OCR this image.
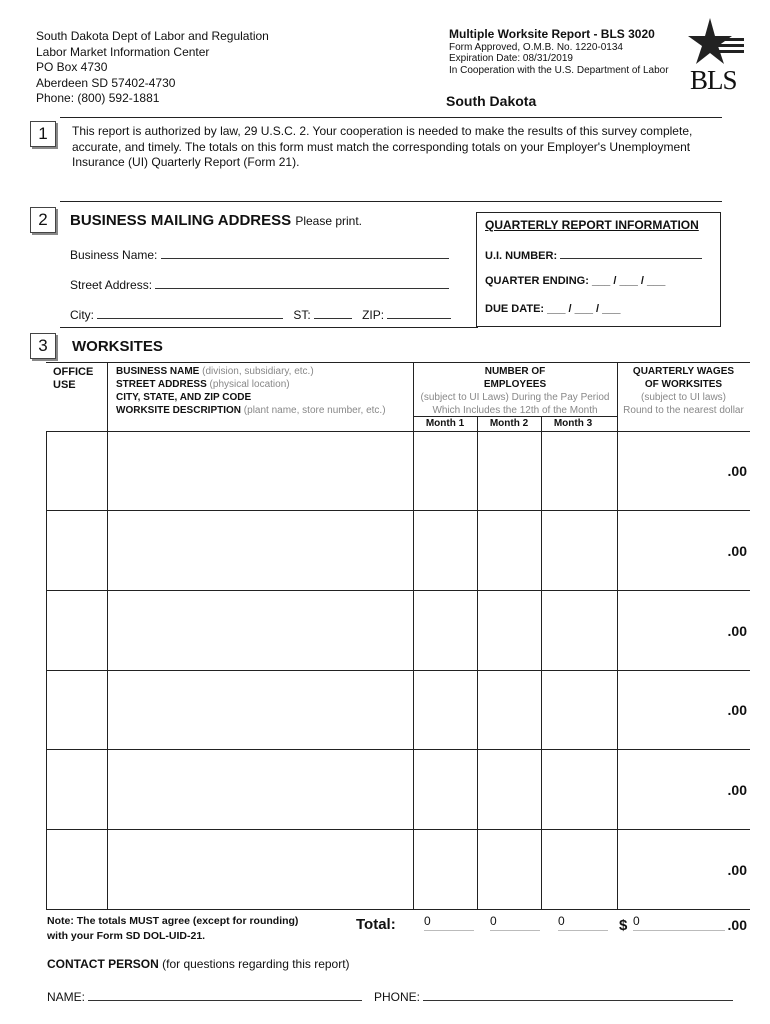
South Dakota Dept of Labor and Regulation
Labor Market Information Center
PO Box 4730
Aberdeen SD 57402-4730
Phone: (800) 592-1881
Multiple Worksite Report - BLS 3020
Form Approved, O.M.B. No. 1220-0134
Expiration Date: 08/31/2019
In Cooperation with the U.S. Department of Labor
South Dakota
BLS
1	This report is authorized by law, 29 U.S.C. 2. Your cooperation is needed to make the results of this survey complete, accurate, and timely. The totals on this form must match the corresponding totals on your Employer's Unemployment Insurance (UI) Quarterly Report (Form 21).
2	BUSINESS MAILING ADDRESS Please print.
Business Name:
Street Address:
City:	ST:	ZIP:
QUARTERLY REPORT INFORMATION
U.I. NUMBER:
QUARTER ENDING: ___ / ___ / ___
DUE DATE: ___ / ___ / ___
3	WORKSITES
OFFICE
USE
BUSINESS NAME (division, subsidiary, etc.)
STREET ADDRESS (physical location)
CITY, STATE, AND ZIP CODE
WORKSITE DESCRIPTION (plant name, store number, etc.)
NUMBER OF
EMPLOYEES
(subject to UI Laws) During the Pay Period
Which Includes the 12th of the Month
Month 1	Month 2	Month 3
QUARTERLY WAGES
OF WORKSITES
(subject to UI laws)
Round to the nearest dollar
.00
.00
.00
.00
.00
.00
Note: The totals MUST agree (except for rounding)
with your Form SD DOL-UID-21.
Total: 0	0	0	$ 0	.00
CONTACT PERSON (for questions regarding this report)
NAME:	PHONE:
